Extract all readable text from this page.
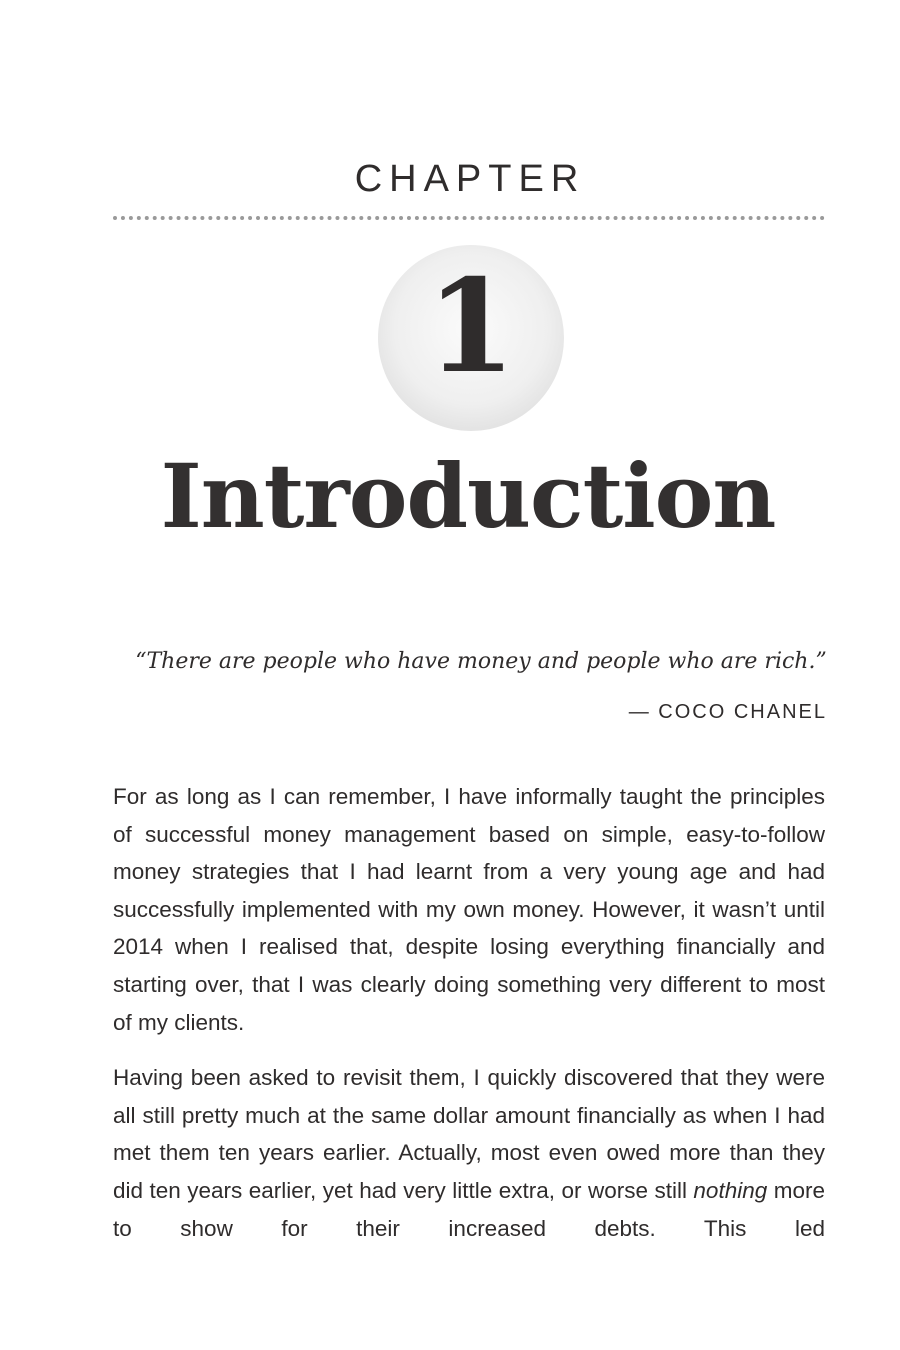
CHAPTER
1
Introduction
“There are people who have money and people who are rich.”
— COCO CHANEL

For as long as I can remember, I have informally taught the principles of successful money management based on simple, easy-to-follow money strategies that I had learnt from a very young age and had successfully implemented with my own money. However, it wasn’t until 2014 when I realised that, despite losing everything financially and starting over, that I was clearly doing something very different to most of my clients.

Having been asked to revisit them, I quickly discovered that they were all still pretty much at the same dollar amount financially as when I had met them ten years earlier. Actually, most even owed more than they did ten years earlier, yet had very little extra, or worse still nothing more to show for their increased debts. This led
